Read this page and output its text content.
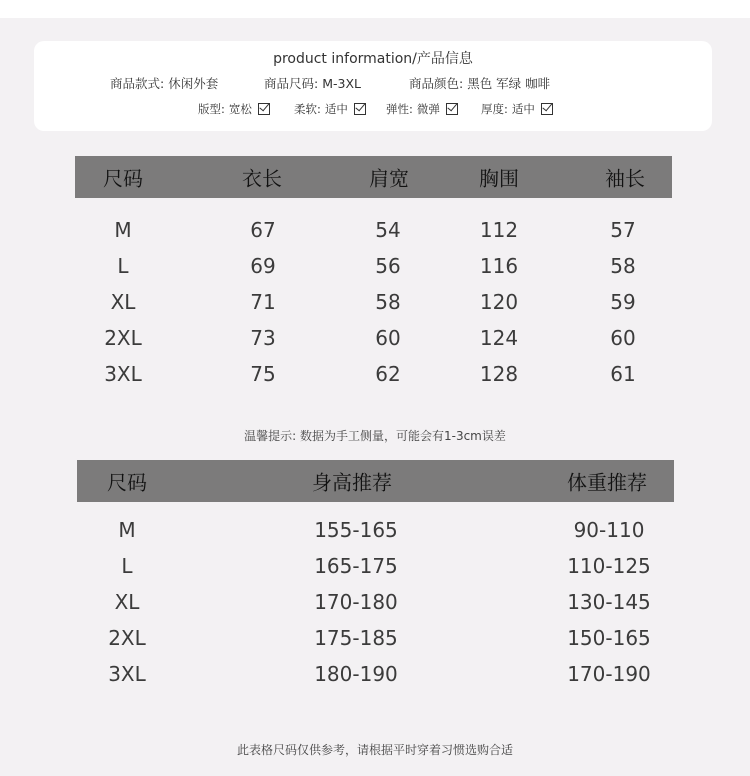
product information/产品信息
商品款式: 休闲外套	商品尺码: M-3XL	商品颜色: 黑色 军绿 咖啡
版型: 宽松	柔软: 适中	弹性: 微弹	厚度: 适中
尺码	衣长	肩宽	胸围	袖长
M	67	54	112	57
L	69	56	116	58
XL	71	58	120	59
2XL	73	60	124	60
3XL	75	62	128	61
温馨提示: 数据为手工侧量，可能会有1-3cm误差
尺码	身高推荐	体重推荐
M	155-165	90-110
L	165-175	110-125
XL	170-180	130-145
2XL	175-185	150-165
3XL	180-190	170-190
此表格尺码仅供参考，请根据平时穿着习惯选购合适
